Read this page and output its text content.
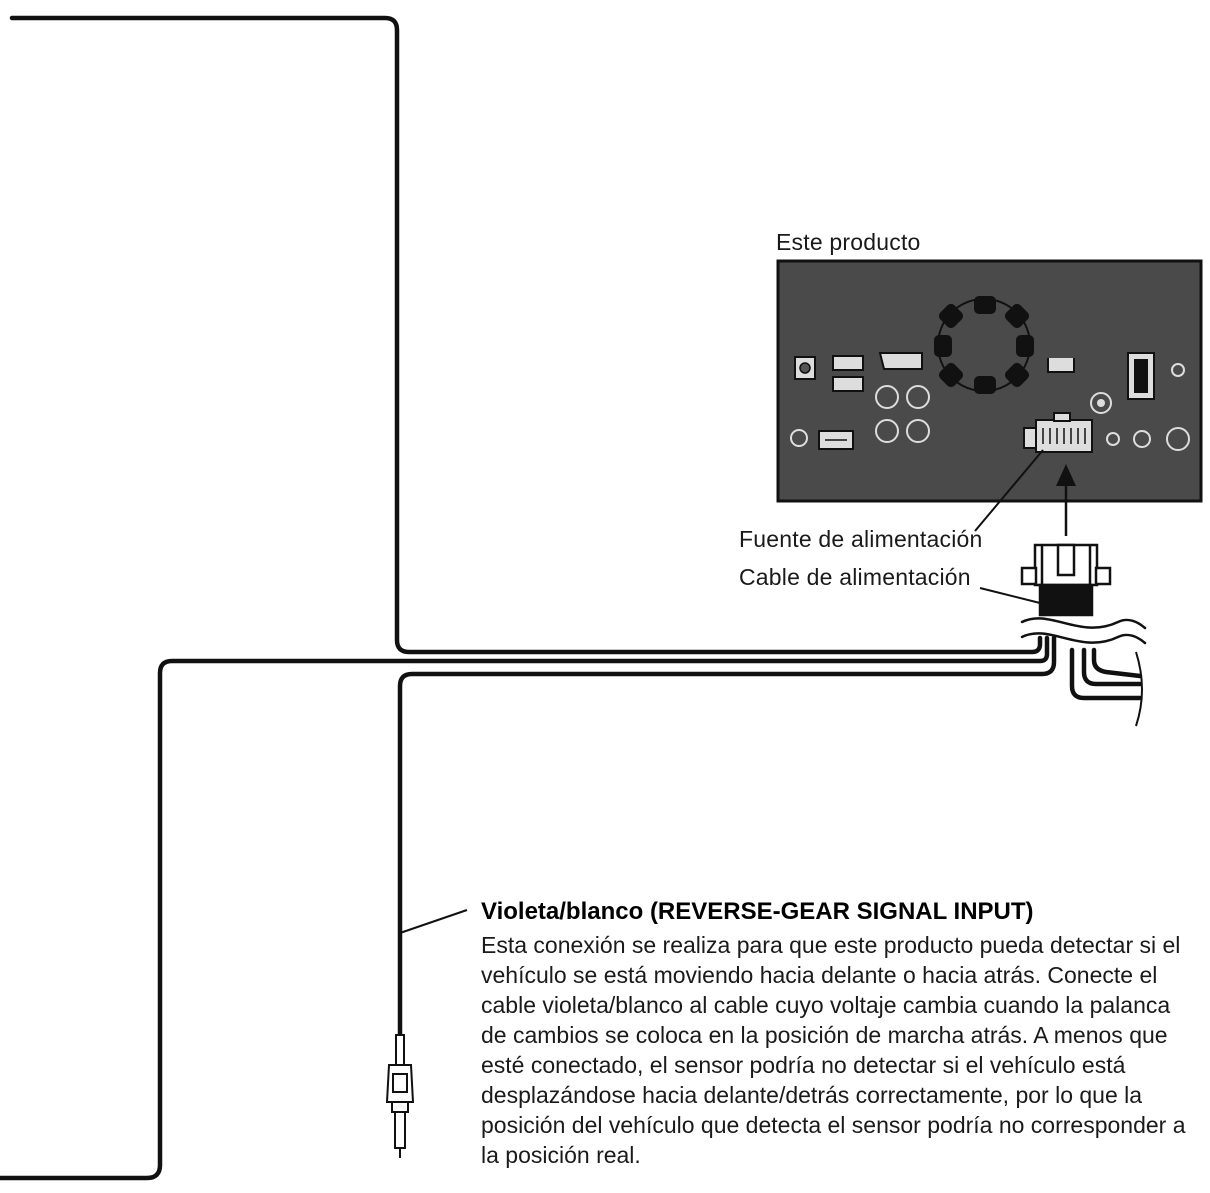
Este producto
Fuente de alimentación
Cable de alimentación
Violeta/blanco (REVERSE-GEAR SIGNAL INPUT)

Esta conexión se realiza para que este producto pueda detectar si el vehículo se está moviendo hacia delante o hacia atrás. Conecte el cable violeta/blanco al cable cuyo voltaje cambia cuando la palanca de cambios se coloca en la posición de marcha atrás. A menos que esté conectado, el sensor podría no detectar si el vehículo está desplazándose hacia delante/detrás correctamente, por lo que la posición del vehículo que detecta el sensor podría no corresponder a la posición real.
